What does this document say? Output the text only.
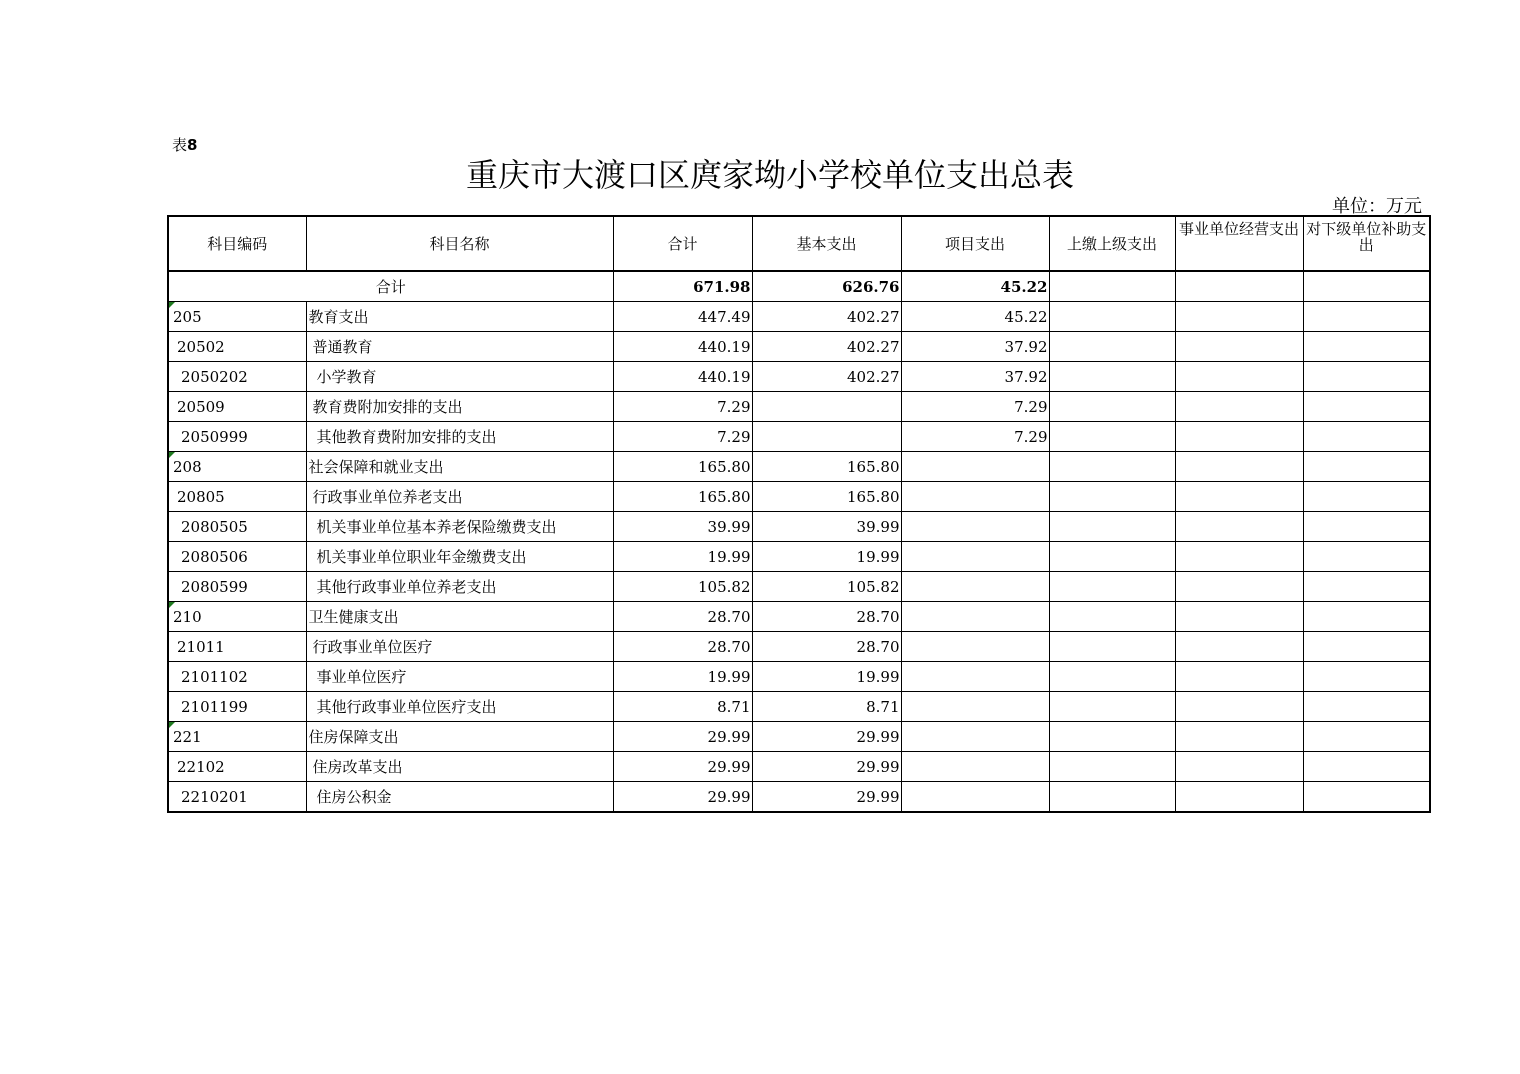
表8
重庆市大渡口区庹家坳小学校单位支出总表
单位：万元
科目编码	科目名称	合计	基本支出	项目支出	上缴上级支出	事业单位经营支出	对下级单位补助支出
合计		671.98	626.76	45.22			

205	教育支出	447.49	402.27	45.22			
20502	普通教育	440.19	402.27	37.92			
2050202	小学教育	440.19	402.27	37.92			
20509	教育费附加安排的支出	7.29		7.29			
2050999	其他教育费附加安排的支出	7.29		7.29			

208	社会保障和就业支出	165.80	165.80				
20805	行政事业单位养老支出	165.80	165.80				
2080505	机关事业单位基本养老保险缴费支出	39.99	39.99				
2080506	机关事业单位职业年金缴费支出	19.99	19.99				
2080599	其他行政事业单位养老支出	105.82	105.82				

210	卫生健康支出	28.70	28.70				
21011	行政事业单位医疗	28.70	28.70				
2101102	事业单位医疗	19.99	19.99				
2101199	其他行政事业单位医疗支出	8.71	8.71				

221	住房保障支出	29.99	29.99				
22102	住房改革支出	29.99	29.99				
2210201	住房公积金	29.99	29.99				
